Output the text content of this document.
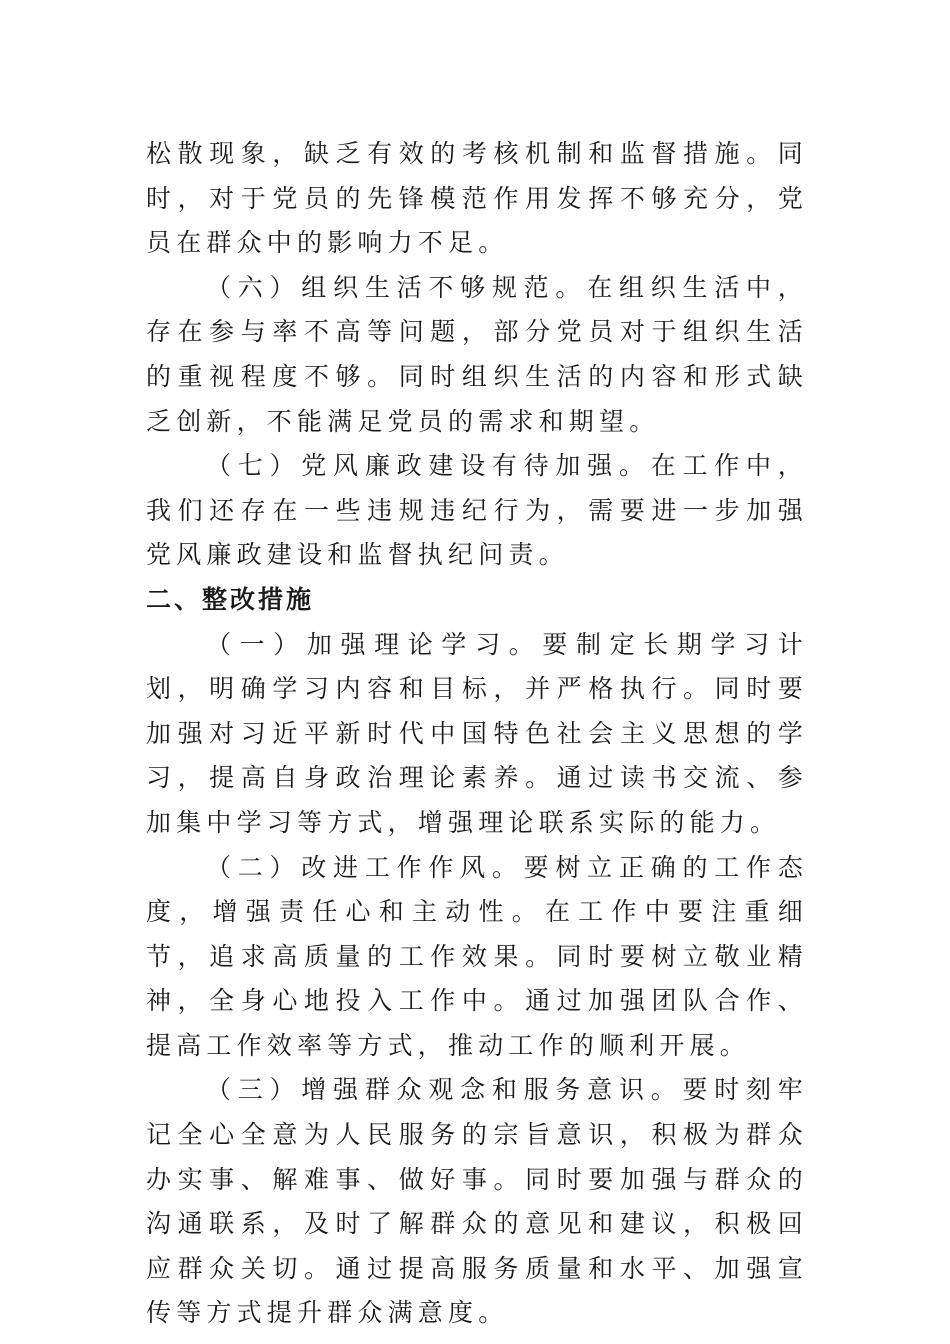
松散现象，缺乏有效的考核机制和监督措施。同时，对于党员的先锋模范作用发挥不够充分，党员在群众中的影响力不足。

（六）组织生活不够规范。在组织生活中，存在参与率不高等问题，部分党员对于组织生活的重视程度不够。同时组织生活的内容和形式缺乏创新，不能满足党员的需求和期望。

（七）党风廉政建设有待加强。在工作中，我们还存在一些违规违纪行为，需要进一步加强党风廉政建设和监督执纪问责。

二、整改措施

（一）加强理论学习。要制定长期学习计划，明确学习内容和目标，并严格执行。同时要加强对习近平新时代中国特色社会主义思想的学习，提高自身政治理论素养。通过读书交流、参加集中学习等方式，增强理论联系实际的能力。

（二）改进工作作风。要树立正确的工作态度，增强责任心和主动性。在工作中要注重细节，追求高质量的工作效果。同时要树立敬业精神，全身心地投入工作中。通过加强团队合作、提高工作效率等方式，推动工作的顺利开展。

（三）增强群众观念和服务意识。要时刻牢记全心全意为人民服务的宗旨意识，积极为群众办实事、解难事、做好事。同时要加强与群众的沟通联系，及时了解群众的意见和建议，积极回应群众关切。通过提高服务质量和水平、加强宣传等方式提升群众满意度。
